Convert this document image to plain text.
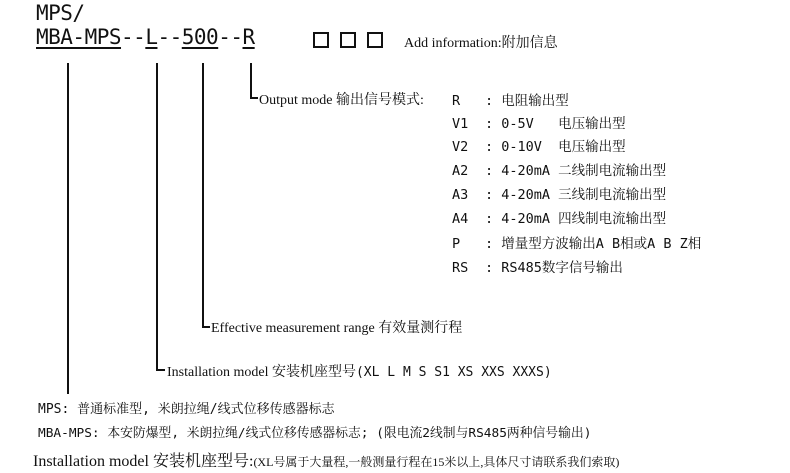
MPS/
MBA-MPS--L--500--R	Add information:附加信息
Output mode 输出信号模式: R : 电阻输出型
V1 : 0-5V   电压输出型
V2 : 0-10V  电压输出型
A2 : 4-20mA 二线制电流输出型
A3 : 4-20mA 三线制电流输出型
A4 : 4-20mA 四线制电流输出型
P : 增量型方波输出A B相或A B Z相
RS : RS485数字信号输出
Effective measurement range 有效量测行程
Installation model 安装机座型号(XL L M S S1 XS XXS XXXS)
MPS: 普通标准型, 米朗拉绳/线式位移传感器标志
MBA-MPS: 本安防爆型, 米朗拉绳/线式位移传感器标志; (限电流2线制与RS485两种信号输出)
Installation model 安装机座型号:(XL号属于大量程,一般测量行程在15米以上,具体尺寸请联系我们索取)
